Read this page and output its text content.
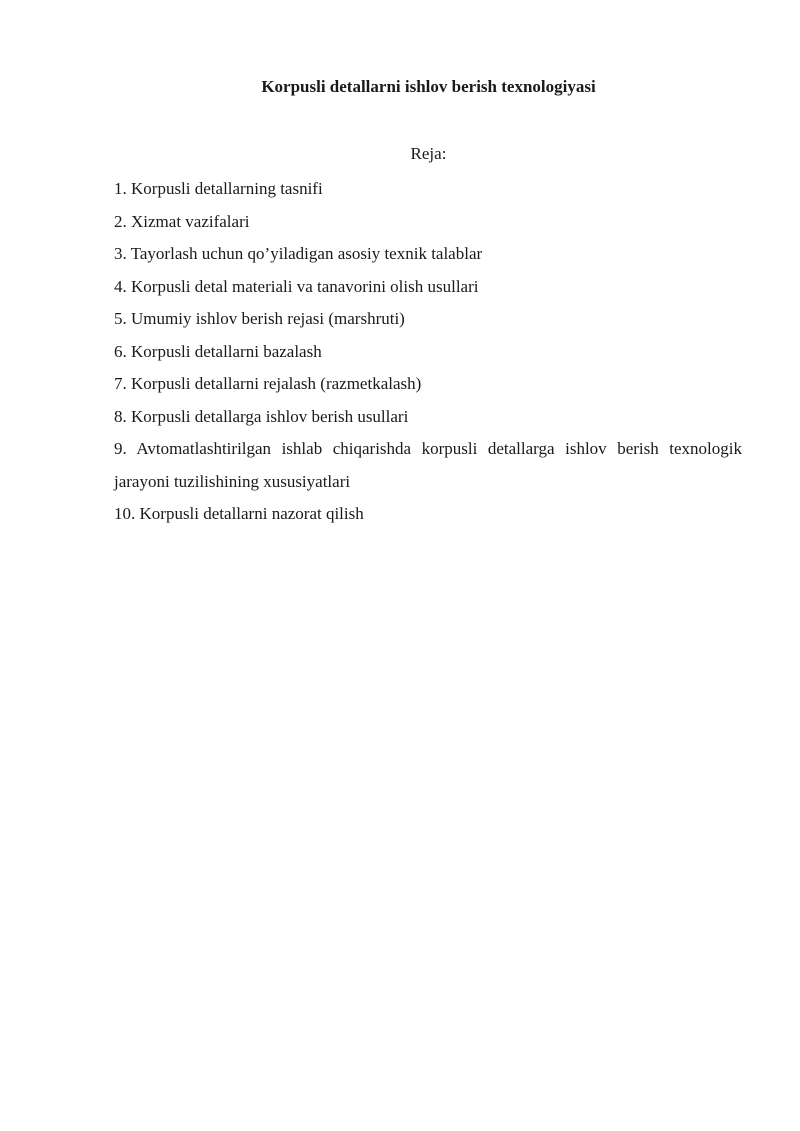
Korpusli detallarni ishlov berish texnologiyasi

Reja:

1. Korpusli detallarning tasnifi
2. Xizmat vazifalari
3. Tayorlash uchun qo’yiladigan asosiy texnik talablar
4. Korpusli detal materiali va tanavorini olish usullari
5. Umumiy ishlov berish rejasi (marshruti)
6. Korpusli detallarni bazalash
7. Korpusli detallarni rejalash (razmetkalash)
8. Korpusli detallarga ishlov berish usullari
9. Avtomatlashtirilgan ishlab chiqarishda korpusli detallarga ishlov berish texnologik jarayoni tuzilishining xususiyatlari
10. Korpusli detallarni nazorat qilish
